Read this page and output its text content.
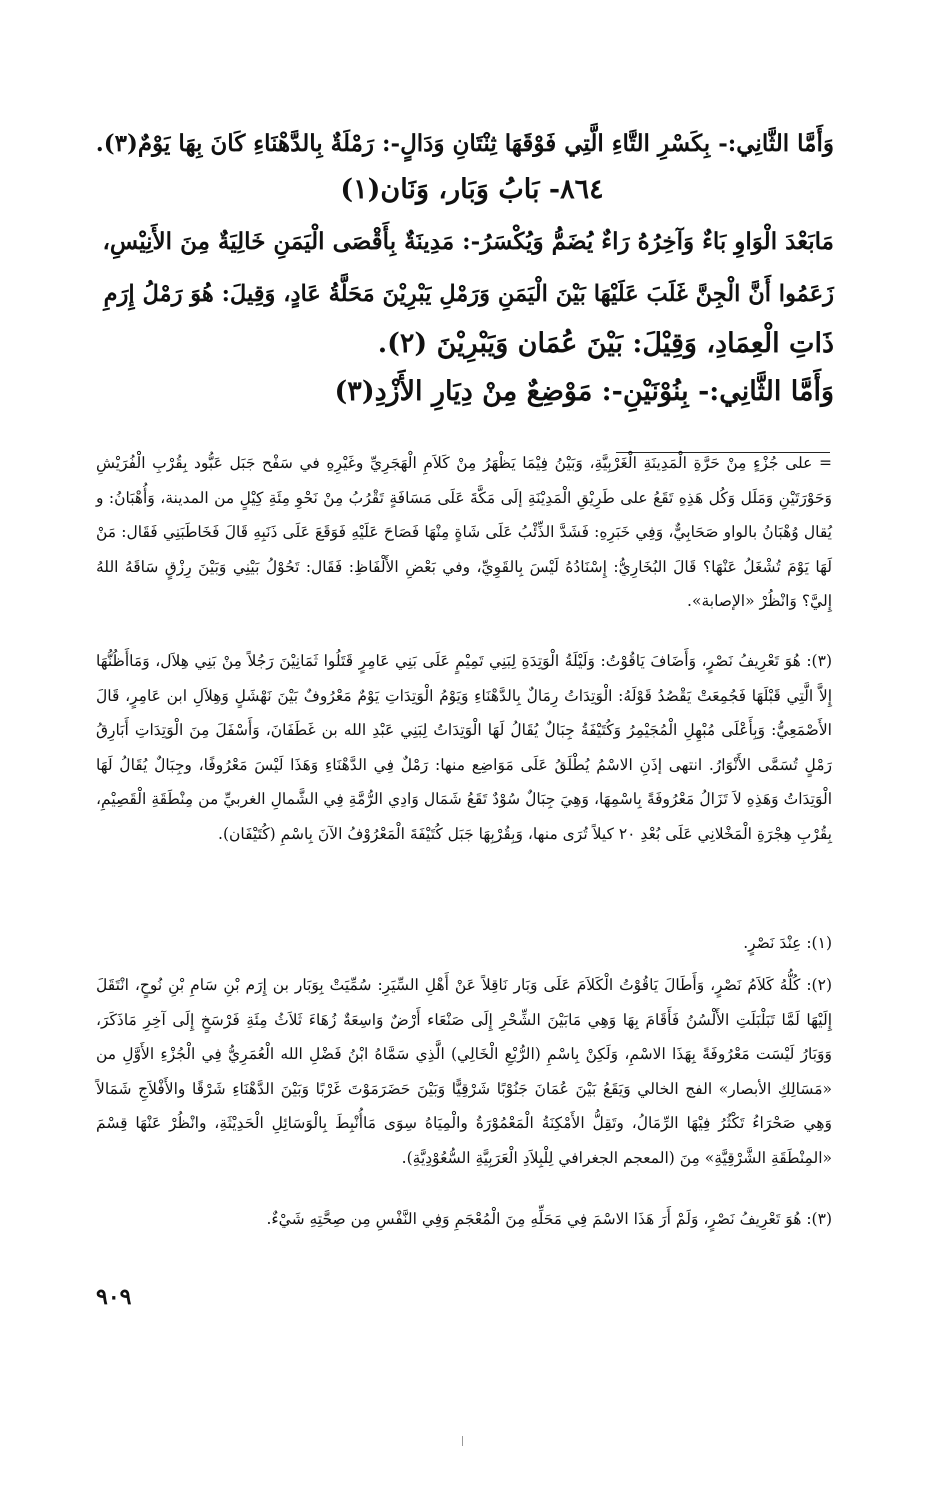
وَأَمَّا الثَّانِي:- بِكَسْرِ التَّاءِ الَّتِي فَوْقَهَا ثِنْتَانِ وَدَالٍ-: رَمْلَةٌ بِالدَّهْنَاءِ كَانَ بِهَا يَوْمٌ(٣).
٨٦٤- بَابُ وَبَار، وَنَان(١)
مَابَعْدَ الْوَاوِ بَاءٌ وَآخِرُهُ رَاءٌ يُضَمُّ وَيُكْسَرُ-: مَدِينَةٌ بِأَقْصَى الْيَمَنِ خَالِيَةٌ مِنَ الأَنِيْسِ،
زَعَمُوا أَنَّ الْجِنَّ غَلَبَ عَلَيْهَا بَيْنَ الْيَمَنِ وَرَمْلِ يَبْرِيْنَ مَحَلَّةُ عَادٍ، وَقِيلَ: هُوَ رَمْلُ إِرَمِ
ذَاتِ الْعِمَادِ، وَقِيْلَ: بَيْنَ عُمَان وَيَبْرِيْنَ (٢).
وَأَمَّا الثَّانِي:- بِنُوْنَيْنِ-: مَوْضِعٌ مِنْ دِيَارِ الأَزْدِ(٣)

= على جُزْءٍ مِنْ حَرَّةِ الْمَدِينَةِ الْغَرْبِيَّةِ، وَبَيْنُ فِيْمَا يَظْهَرُ مِنْ كَلاَمِ الْهَجَرِيِّ وغَيْرِهِ في سَفْح جَبَل عَبُّود بِقُرْبِ الْفُرَيْشِ وَحَوْرَتَيْنِ وَمَلَل وَكُل هَذِهِ تَقَعُ على طَرِيْقِ الْمَدِيْنَةِ إلَى مَكَّةَ عَلَى مَسَافَةٍ تَقْرُبُ مِنْ نَحْوِ مِئَةِ كِيْلٍ من المدينة، وَأُهْبَانُ: و يُقال وُهْبَانُ بالواو صَحَابِيٌّ، وَفِي خَبَرِهِ: فَشَدَّ الذِّئْبُ عَلَى شَاةٍ مِنْهَا فَصَاحَ عَلَيْهِ فَوَقَعَ عَلَى ذَنَبِهِ قَالَ فَخَاطَبَنِي فَقَال: مَنْ لَهَا يَوْمَ تُشْغَلُ عَنْهَا؟ قَالَ البُخَارِيُّ: إِسْنَادُهُ لَيْسَ بِالقَوِيِّ، وفي بَعْضِ الأَلْفَاظِ: فَقَال: تَحُوْلُ بَيْنِي وَبَيْنَ رِزْقٍ سَاقَهُ اللهُ إِليَّ؟ وَانْظُرْ «الإصابة».

(٣): هُوَ تَعْرِيفُ نَصْرٍ، وَأَضَافَ يَاقُوْتُ: وَلَيْلَةُ الْوَتِدَةِ لِبَنِي تَمِيْمٍ عَلَى بَنِي عَامِرٍ قَتَلُوا ثَمَانِيْنَ رَجُلاً مِنْ بَنِي هِلاَل، وَمَاأَظُنُّهَا إِلاَّ الَّتِي قَبْلَهَا فَجُمِعَتْ يَقْصُدُ قَوْلَهُ: الْوَتِدَاتُ رِمَالٌ بِالدَّهْنَاءِ وَيَوْمُ الْوَتِدَاتِ يَوْمٌ مَعْرُوفٌ بَيْنَ نَهْشَلٍ وَهِلاَلِ ابن عَامِرٍ، قَالَ الأَصْمَعِيُّ: وَبِأَعْلَى مُبْهِلِ الْمُجَيْمِرُ وَكُتَيْفَةُ جِبَالٌ يُقَالُ لَهَا الْوَتِدَاتُ لِبَنِي عَبْدِ الله بن غَطَفَانَ، وَأَسْفَلَ مِنَ الْوَتِدَاتِ أَبَارِقُ رَمْلٍ تُسَمَّى الأَنْوَارُ. انتهى إذَنِ الاسْمُ يُطْلَقُ عَلَى مَوَاضِع منها: رَمْلٌ فِي الدَّهْنَاءِ وَهَذَا لَيْسَ مَعْرُوفًا، وجِبَالٌ يُقَالُ لَهَا الْوَتِدَاتُ وَهَذِهِ لاَ تَزَالُ مَعْرُوفَةً بِاسْمِهَا، وَهِيَ جِبَالٌ سُوْدٌ تَقَعُ شَمَال وَادِي الرُّمَّةِ فِي الشَّمالِ الغربيِّ من مِنْطَقَةِ الْقَصِيْمِ، بِقُرْبِ هِجْرَةِ الْمَخْلانِي عَلَى بُعْدِ ٢٠ كيلاً تُرَى منها، وَبِقُرْبِهَا جَبَل كُتَيْفَةَ الْمَعْرُوْفُ الآنَ بِاسْمِ (كُتَيْفَان).

(١): عِنْدَ نَصْرٍ.

(٢): كُلُّهُ كَلاَمُ نَصْرٍ، وَأَطَالَ يَاقُوْتُ الْكَلاَمَ عَلَى وَبَار نَاقِلاً عَنْ أَهْلِ السِّيَرِ: سُمِّيَتْ بِوَبَار بن إِرَم بْنِ سَامِ بْنِ نُوحٍ، انْتَقَلَ إِلَيْهَا لَمَّا تَبَلْبَلَتِ الأَلْسُنُ فَأَقَامَ بِهَا وَهِي مَابَيْنَ الشِّحْرِ إِلَى صَنْعَاء أَرْضٌ وَاسِعَةٌ زُهَاءَ ثَلاَثُ مِئَةِ فَرْسَخٍ إِلَى آخِرِ مَاذَكَرَ، وَوَبَارُ لَيْسَت مَعْرُوفَةً بِهَذَا الاسْمِ، وَلَكِنْ بِاسْمِ (الرُّبْعِ الْخَالِي) الَّذِي سَمَّاهُ ابْنُ فَضْلِ الله الْعُمَرِيُّ فِي الْجُزْءِ الأَوَّلِ من «مَسَالِكِ الأبصار» الفج الخالي وَيَقَعُ بَيْنَ عُمَانَ جَنُوْبًا شَرْقِيًّا وَبَيْنَ حَضَرَمَوْتَ غَرْبًا وَبَيْنَ الدَّهْنَاءِ شَرْقًا والأَفْلاَجِ شَمَالاً وَهِي صَحْرَاءُ تَكْثُرُ فِيْهَا الرِّمَالُ، وتَقِلُّ الأَمْكِنَةُ الْمَعْمُوْرَةُ والْمِيَاهُ سِوَى مَاأُنْبِطَ بِالْوَسَائِلِ الْحَدِيْثَةِ، وانْظُرْ عَنْهَا قِسْمَ «المِنْطَقَةِ الشَّرْقِيَّةِ» مِنَ (المعجم الجغرافي لِلْبِلاَدِ الْعَرَبِيَّةِ السُّعُوْدِيَّةِ).

(٣): هُوَ تَعْرِيفُ نَصْرٍ، وَلَمْ أَرَ هَذَا الاسْمَ فِي مَحَلِّهِ مِنَ الْمُعْجَمِ وَفِي النَّفْسِ مِن صِحَّتِهِ شَيْءٌ.

٩٠٩
